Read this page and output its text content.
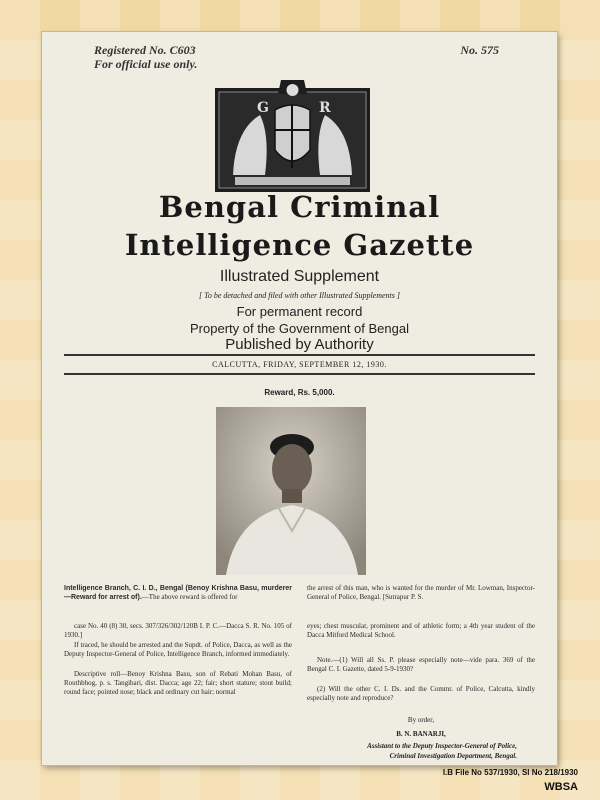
Registered No. C603
For official use only.
No. 575
G	R
Bengal Criminal
Intelligence Gazette
Illustrated Supplement
[ To be detached and filed with other Illustrated Supplements ]
For permanent record
Property of the Government of Bengal
Published by Authority
CALCUTTA, FRIDAY, SEPTEMBER 12, 1930.
Reward, Rs. 5,000.
Intelligence Branch, C. I. D., Bengal (Benoy Krishna Basu, murderer—Reward for arrest of).—The above reward is offered for
the arrest of this man, who is wanted for the murder of Mr. Lowman, Inspector-General of Police, Bengal. [Sutrapur P. S.
case No. 40 (8) 30, secs. 307/326/302/120B I. P. C.—Dacca S. R. No. 105 of 1930.]
If traced, he should be arrested and the Supdt. of Police, Dacca, as well as the Deputy Inspector-General of Police, Intelligence Branch, informed immediately.
Descriptive roll—Benoy Krishna Basu, son of Rebati Mohan Basu, of Routhbhog, p. s. Tangibari, dist. Dacca; age 22; fair; short stature; stout build; round face; pointed nose; black and ordinary cut hair; normal
eyes; chest muscular, prominent and of athletic form; a 4th year student of the Dacca Mitford Medical School.
Note.—(1) Will all Ss. P. please especially note—vide para. 369 of the Bengal C. I. Gazette, dated 5-9-1930?
(2) Will the other C. I. Ds. and the Commr. of Police, Calcutta, kindly especially note and reproduce?
By order,
B. N. BANARJI,
Assistant to the Deputy Inspector-General of Police,
Criminal Investigation Department, Bengal.
I.B File No 537/1930, Sl No 218/1930
WBSA
